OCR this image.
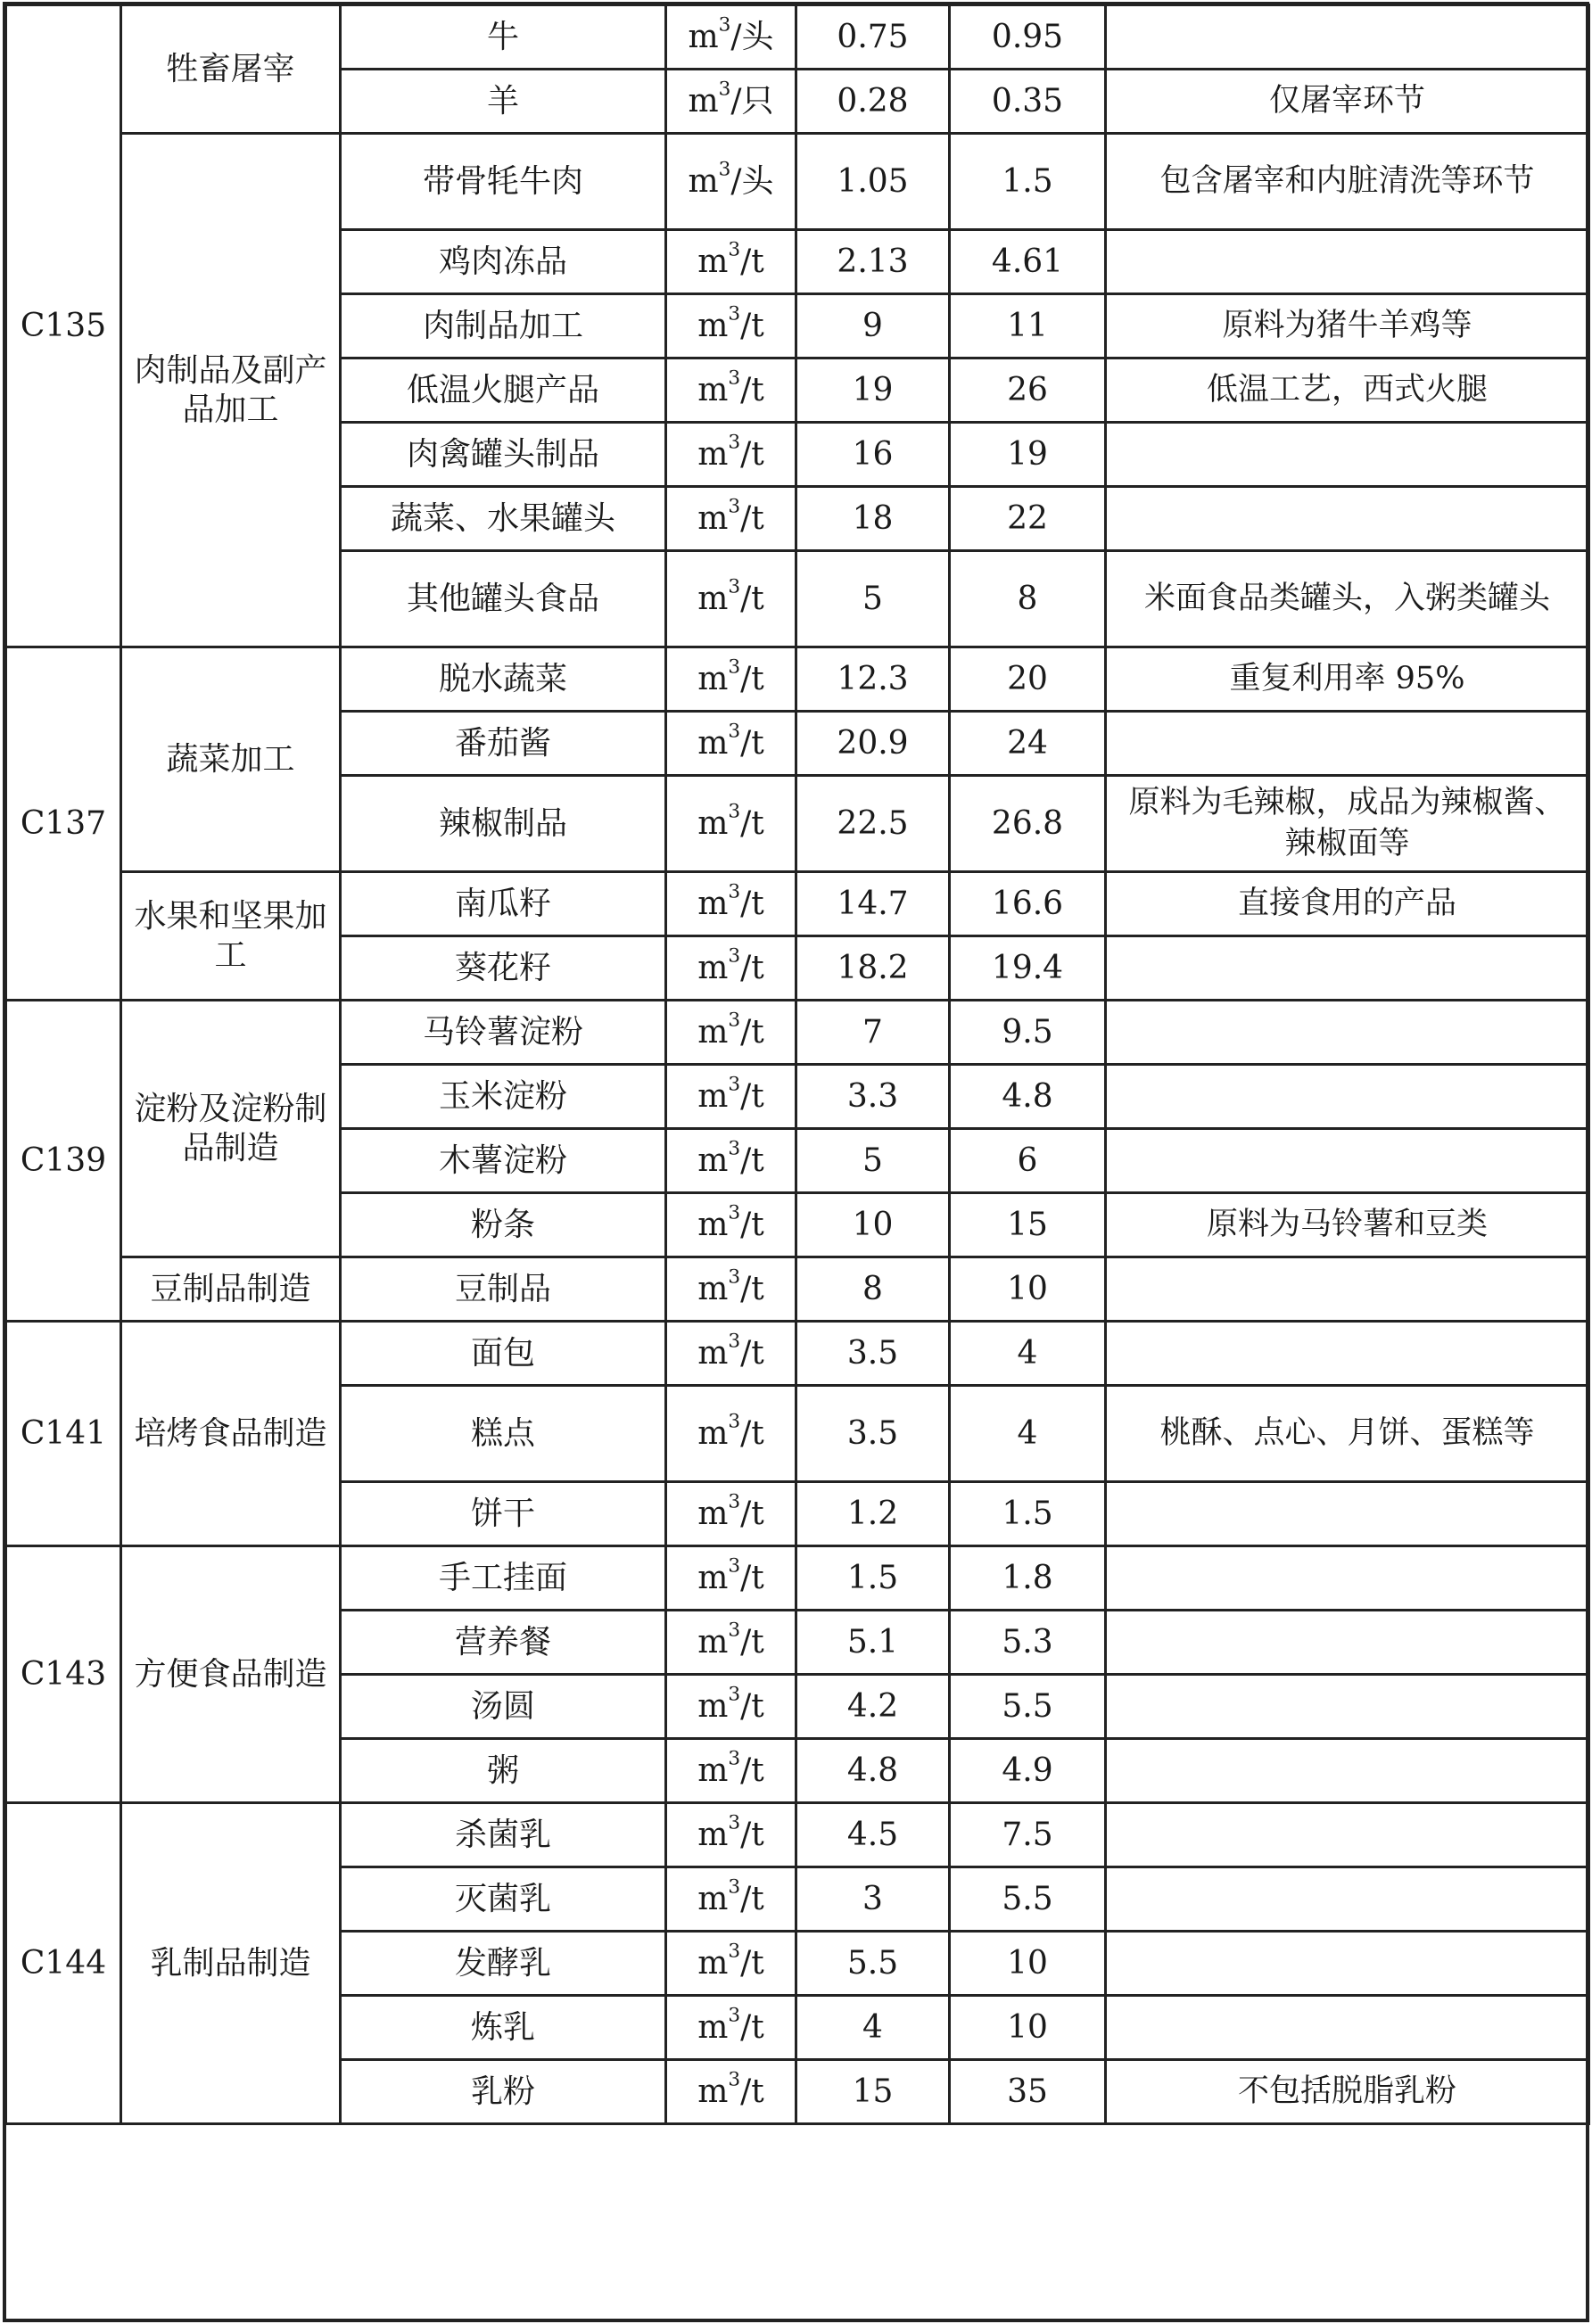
C135	牲畜屠宰	牛	$m^3/$头	0.75	0.95	
		羊	$m^3/$只	0.28	0.35	仅屠宰环节
	肉制品及副产品加工	带骨牦牛肉	$m^3/$头	1.05	1.5	包含屠宰和内脏清洗等环节
		鸡肉冻品	$m^3/t$	2.13	4.61	
		肉制品加工	$m^3/t$	9	11	原料为猪牛羊鸡等
		低温火腿产品	$m^3/t$	19	26	低温工艺，西式火腿
		肉禽罐头制品	$m^3/t$	16	19	
		蔬菜、水果罐头	$m^3/t$	18	22	
		其他罐头食品	$m^3/t$	5	8	米面食品类罐头，入粥类罐头
C137	蔬菜加工	脱水蔬菜	$m^3/t$	12.3	20	重复利用率 95%
		番茄酱	$m^3/t$	20.9	24	
		辣椒制品	$m^3/t$	22.5	26.8	原料为毛辣椒，成品为辣椒酱、辣椒面等
	水果和坚果加工	南瓜籽	$m^3/t$	14.7	16.6	直接食用的产品
		葵花籽	$m^3/t$	18.2	19.4	
C139	淀粉及淀粉制品制造	马铃薯淀粉	$m^3/t$	7	9.5	
		玉米淀粉	$m^3/t$	3.3	4.8	
		木薯淀粉	$m^3/t$	5	6	
		粉条	$m^3/t$	10	15	原料为马铃薯和豆类
	豆制品制造	豆制品	$m^3/t$	8	10	
C141	培烤食品制造	面包	$m^3/t$	3.5	4	
		糕点	$m^3/t$	3.5	4	桃酥、点心、月饼、蛋糕等
		饼干	$m^3/t$	1.2	1.5	
C143	方便食品制造	手工挂面	$m^3/t$	1.5	1.8	
		营养餐	$m^3/t$	5.1	5.3	
		汤圆	$m^3/t$	4.2	5.5	
		粥	$m^3/t$	4.8	4.9	
C144	乳制品制造	杀菌乳	$m^3/t$	4.5	7.5	
		灭菌乳	$m^3/t$	3	5.5	
		发酵乳	$m^3/t$	5.5	10	
		炼乳	$m^3/t$	4	10	
		乳粉	$m^3/t$	15	35	不包括脱脂乳粉
